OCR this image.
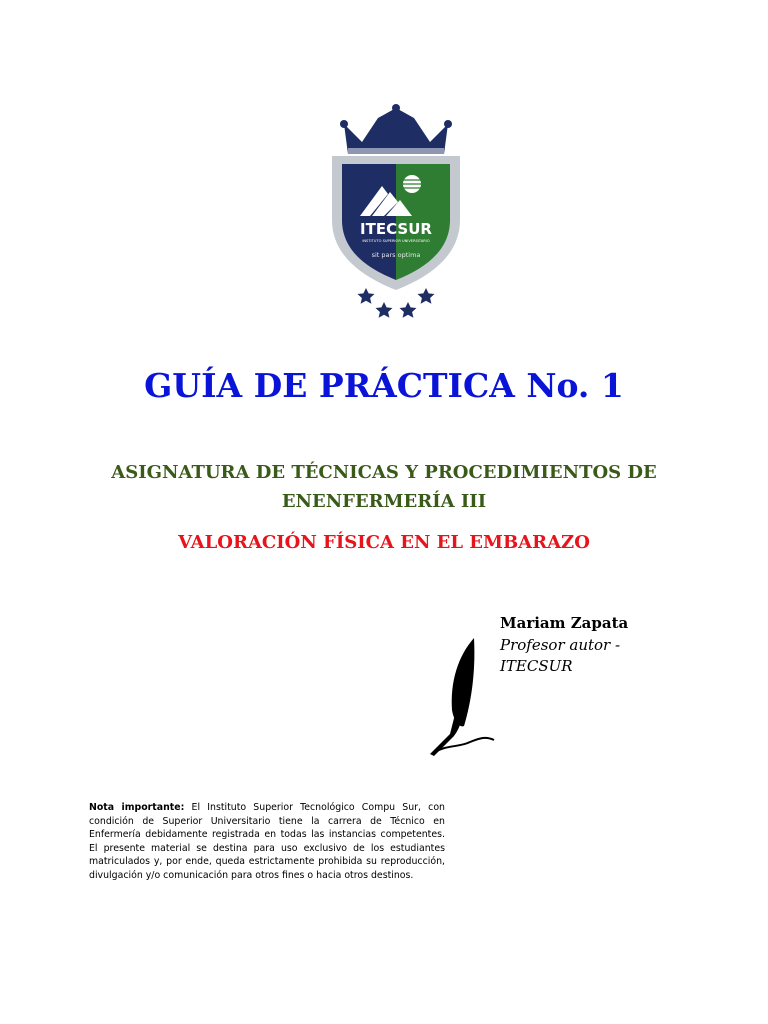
ITECSUR
INSTITUTO SUPERIOR UNIVERSITARIO
sit pars optima
GUÍA DE PRÁCTICA No. 1
ASIGNATURA DE TÉCNICAS Y PROCEDIMIENTOS DE ENENFERMERÍA III
VALORACIÓN FÍSICA EN EL EMBARAZO
Mariam Zapata
Profesor autor - ITECSUR
Nota importante: El Instituto Superior Tecnológico Compu Sur, con condición de Superior Universitario tiene la carrera de Técnico en Enfermería debidamente registrada en todas las instancias competentes. El presente material se destina para uso exclusivo de los estudiantes matriculados y, por ende, queda estrictamente prohibida su reproducción, divulgación y/o comunicación para otros fines o hacia otros destinos.
